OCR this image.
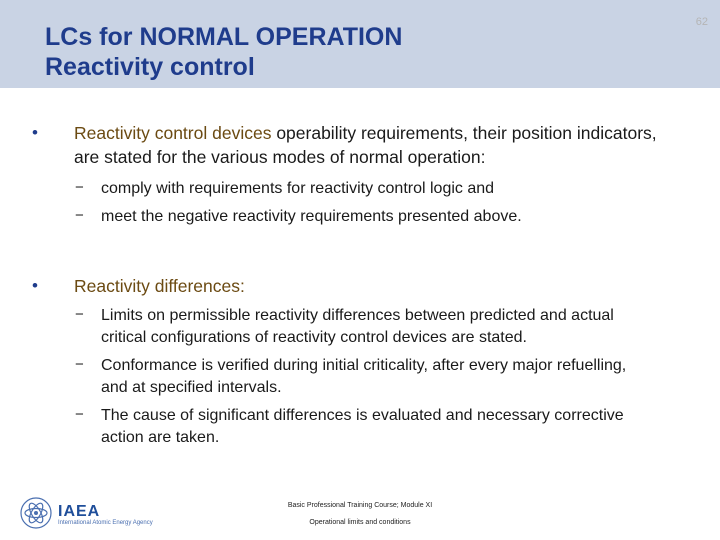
LCs for NORMAL OPERATION
Reactivity control
62
• Reactivity control devices operability requirements, their position indicators, are stated for the various modes of normal operation:
− comply with requirements for reactivity control logic and
− meet the negative reactivity requirements presented above.
• Reactivity differences:
− Limits on permissible reactivity differences between predicted and actual critical configurations of reactivity control devices are stated.
− Conformance is verified during initial criticality, after every major refuelling, and at specified intervals.
− The cause of significant differences is evaluated and necessary corrective action are taken.
IAEA
International Atomic Energy Agency
Basic Professional Training Course; Module XI
Operational limits and conditions
